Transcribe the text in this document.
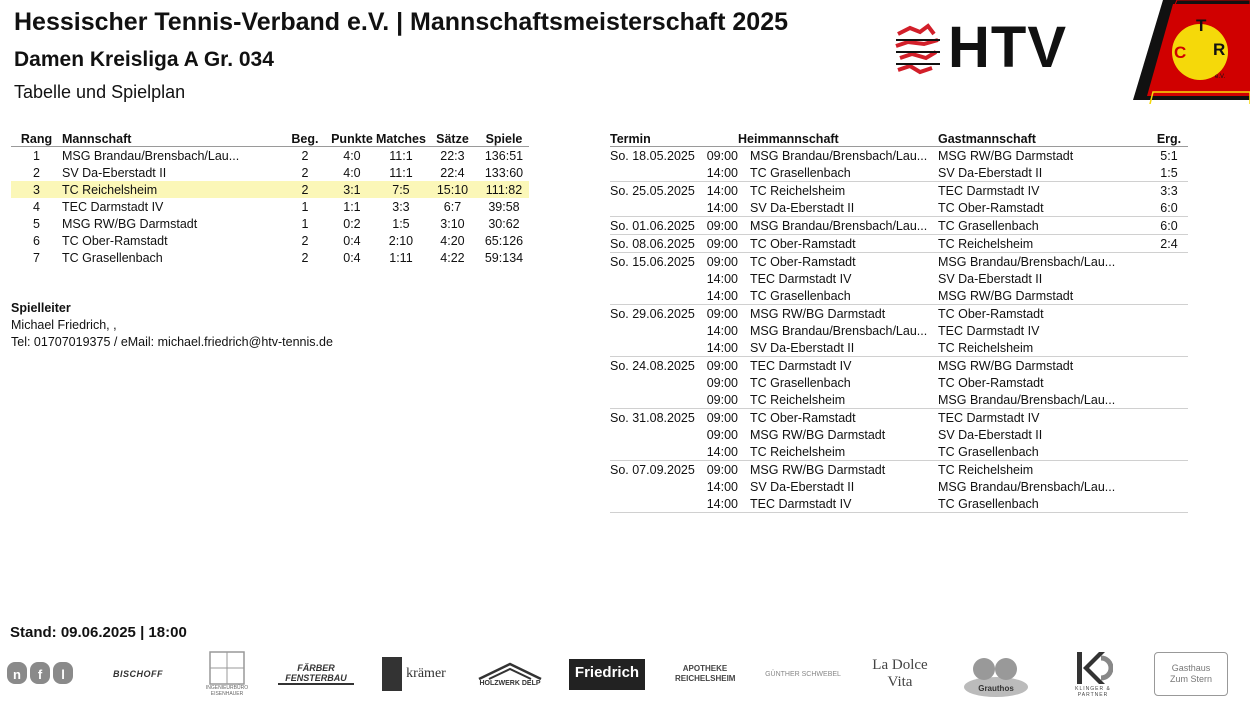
Hessischer Tennis-Verband e.V. | Mannschaftsmeisterschaft 2025
Damen Kreisliga A Gr. 034
Tabelle und Spielplan
HTV	T
C R
e.V.
Rang	Mannschaft	Beg.	Punkte	Matches	Sätze	Spiele
1	MSG Brandau/Brensbach/Lau...	2	4:0	11:1	22:3	136:51
2	SV Da-Eberstadt II	2	4:0	11:1	22:4	133:60
3	TC Reichelsheim	2	3:1	7:5	15:10	111:82
4	TEC Darmstadt IV	1	1:1	3:3	6:7	39:58
5	MSG RW/BG Darmstadt	1	0:2	1:5	3:10	30:62
6	TC Ober-Ramstadt	2	0:4	2:10	4:20	65:126
7	TC Grasellenbach	2	0:4	1:11	4:22	59:134
Spielleiter
Michael Friedrich, ,
Tel: 01707019375 / eMail: michael.friedrich@htv-tennis.de
Termin		Heimmannschaft	Gastmannschaft	Erg.
So. 18.05.2025	09:00	MSG Brandau/Brensbach/Lau...	MSG RW/BG Darmstadt	5:1
	14:00	TC Grasellenbach	SV Da-Eberstadt II	1:5
So. 25.05.2025	14:00	TC Reichelsheim	TEC Darmstadt IV	3:3
	14:00	SV Da-Eberstadt II	TC Ober-Ramstadt	6:0
So. 01.06.2025	09:00	MSG Brandau/Brensbach/Lau...	TC Grasellenbach	6:0
So. 08.06.2025	09:00	TC Ober-Ramstadt	TC Reichelsheim	2:4
So. 15.06.2025	09:00	TC Ober-Ramstadt	MSG Brandau/Brensbach/Lau...	
	14:00	TEC Darmstadt IV	SV Da-Eberstadt II	
	14:00	TC Grasellenbach	MSG RW/BG Darmstadt	
So. 29.06.2025	09:00	MSG RW/BG Darmstadt	TC Ober-Ramstadt	
	14:00	MSG Brandau/Brensbach/Lau...	TEC Darmstadt IV	
	14:00	SV Da-Eberstadt II	TC Reichelsheim	
So. 24.08.2025	09:00	TEC Darmstadt IV	MSG RW/BG Darmstadt	
	09:00	TC Grasellenbach	TC Ober-Ramstadt	
	09:00	TC Reichelsheim	MSG Brandau/Brensbach/Lau...	
So. 31.08.2025	09:00	TC Ober-Ramstadt	TEC Darmstadt IV	
	09:00	MSG RW/BG Darmstadt	SV Da-Eberstadt II	
	14:00	TC Reichelsheim	TC Grasellenbach	
So. 07.09.2025	09:00	MSG RW/BG Darmstadt	TC Reichelsheim	
	14:00	SV Da-Eberstadt II	MSG Brandau/Brensbach/Lau...	
	14:00	TEC Darmstadt IV	TC Grasellenbach	
Stand: 09.06.2025 | 18:00
n f l	BISCHOFF
INGENIEURBÜRO EISENHAUER
FÄRBER FENSTERBAU	krämer
HOLZWERK DELP
Friedrich	APOTHEKE REICHELSHEIM	GÜNTHER SCHWEBEL
La Dolce Vita	Grauthos	KLINGER & PARTNER
Gasthaus Zum Stern
